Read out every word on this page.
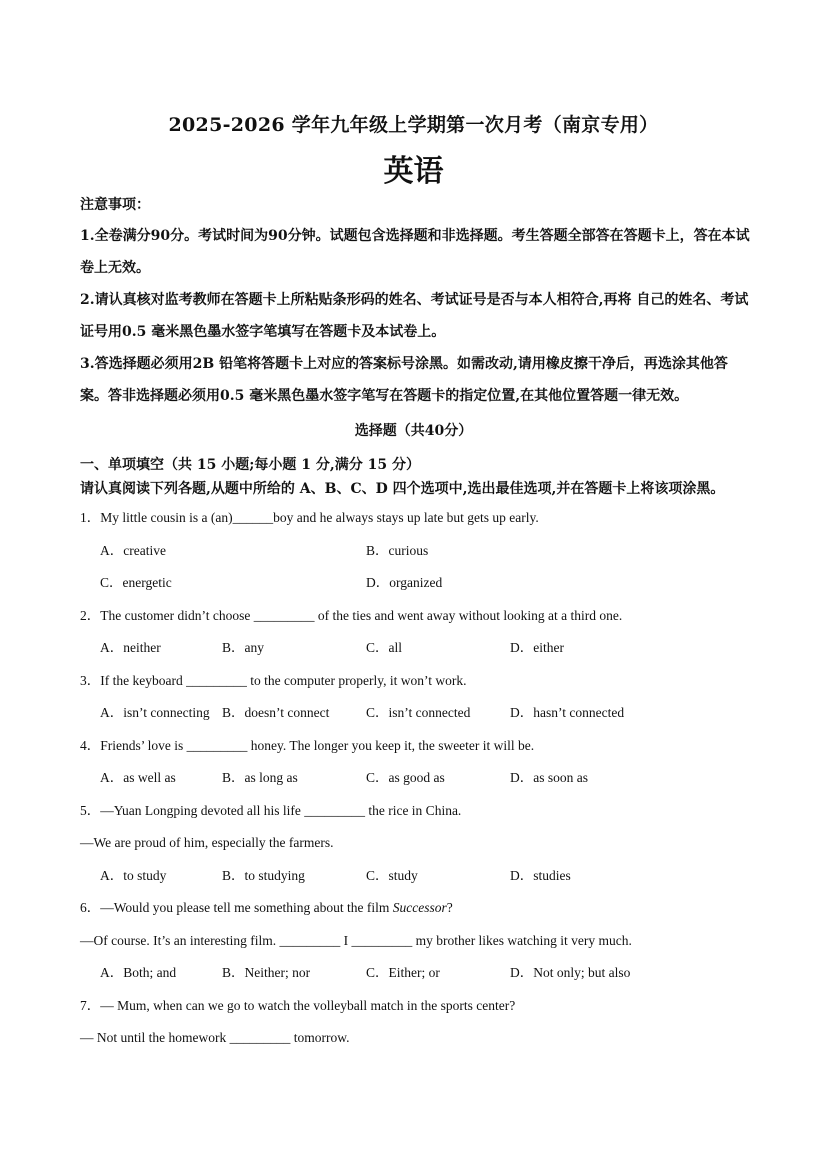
2025-2026 学年九年级上学期第一次月考（南京专用）
英语

注意事项：

1.全卷满分90分。考试时间为90分钟。试题包含选择题和非选择题。考生答题全部答在答题卡上，答在本试卷上无效。

2.请认真核对监考教师在答题卡上所粘贴条形码的姓名、考试证号是否与本人相符合,再将 自己的姓名、考试证号用0.5 毫米黑色墨水签字笔填写在答题卡及本试卷上。

3.答选择题必须用2B 铅笔将答题卡上对应的答案标号涂黑。如需改动,请用橡皮擦干净后，再选涂其他答案。答非选择题必须用0.5 毫米黑色墨水签字笔写在答题卡的指定位置,在其他位置答题一律无效。

选择题（共40分）

一、单项填空（共 15 小题;每小题 1 分,满分 15 分）

请认真阅读下列各题,从题中所给的 A、B、C、D 四个选项中,选出最佳选项,并在答题卡上将该项涂黑。

1．My little cousin is a (an)______boy and he always stays up late but gets up early.
A．creative	B．curious
C．energetic	D．organized
2．The customer didn’t choose _________ of the ties and went away without looking at a third one.
A．neither	B．any	C．all	D．either
3．If the keyboard _________ to the computer properly, it won’t work.
A．isn’t connecting B．doesn’t connect	C．isn’t connected	D．hasn’t connected
4．Friends’ love is _________ honey. The longer you keep it, the sweeter it will be.
A．as well as	B．as long as	C．as good as	D．as soon as
5．—Yuan Longping devoted all his life _________ the rice in China.
—We are proud of him, especially the farmers.
A．to study	B．to studying	C．study	D．studies
6．—Would you please tell me something about the film Successor?
—Of course. It’s an interesting film. _________ I _________ my brother likes watching it very much.
A．Both; and	B．Neither; nor	C．Either; or	D．Not only; but also
7．— Mum, when can we go to watch the volleyball match in the sports center?
— Not until the homework _________ tomorrow.
